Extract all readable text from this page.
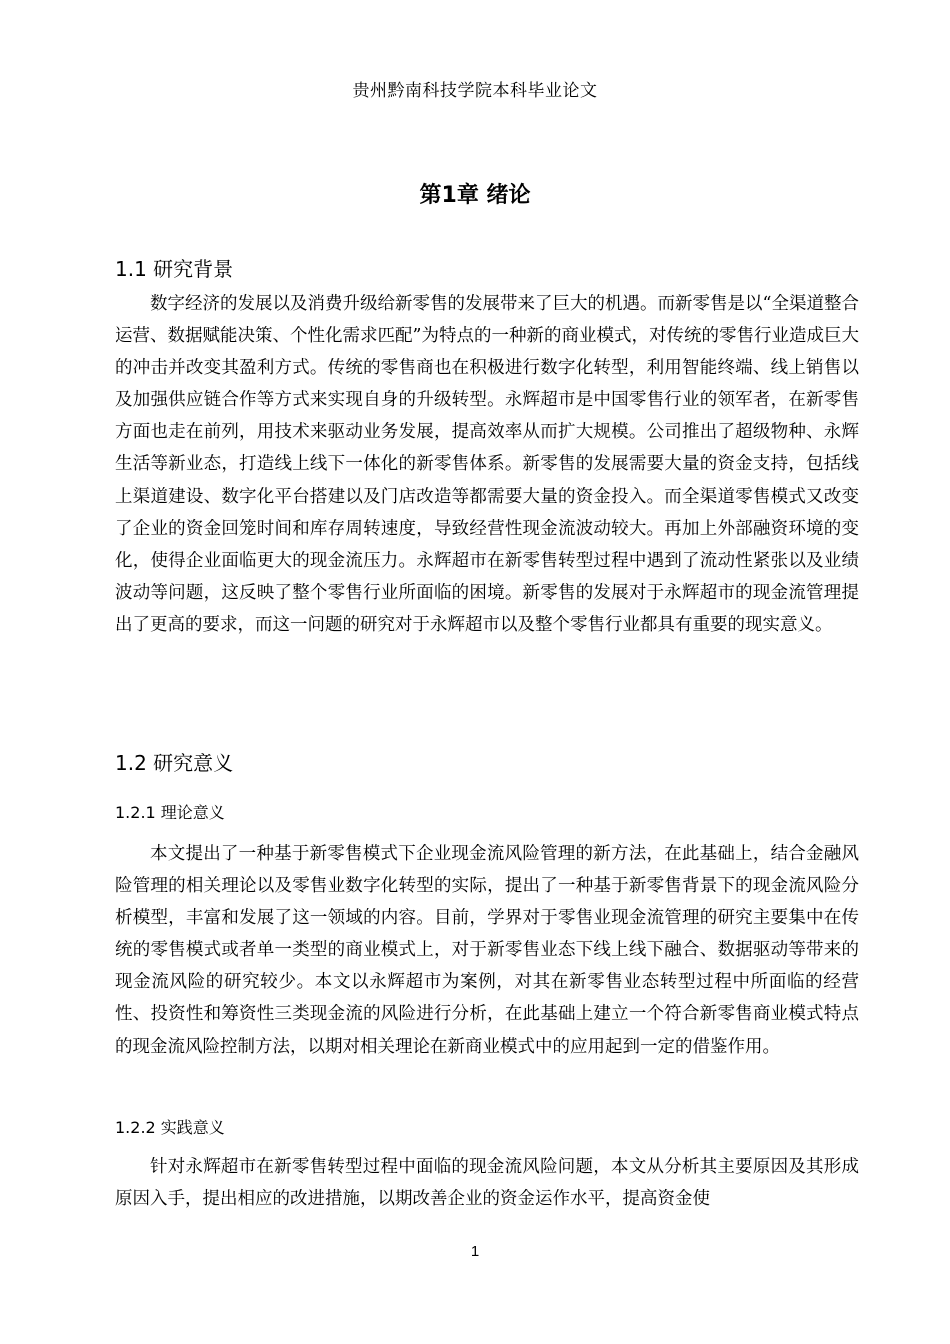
贵州黔南科技学院本科毕业论文
第1章 绪论
1.1 研究背景

数字经济的发展以及消费升级给新零售的发展带来了巨大的机遇。而新零售是以“全渠道整合运营、数据赋能决策、个性化需求匹配”为特点的一种新的商业模式，对传统的零售行业造成巨大的冲击并改变其盈利方式。传统的零售商也在积极进行数字化转型，利用智能终端、线上销售以及加强供应链合作等方式来实现自身的升级转型。永辉超市是中国零售行业的领军者，在新零售方面也走在前列，用技术来驱动业务发展，提高效率从而扩大规模。公司推出了超级物种、永辉生活等新业态，打造线上线下一体化的新零售体系。新零售的发展需要大量的资金支持，包括线上渠道建设、数字化平台搭建以及门店改造等都需要大量的资金投入。而全渠道零售模式又改变了企业的资金回笼时间和库存周转速度，导致经营性现金流波动较大。再加上外部融资环境的变化，使得企业面临更大的现金流压力。永辉超市在新零售转型过程中遇到了流动性紧张以及业绩波动等问题，这反映了整个零售行业所面临的困境。新零售的发展对于永辉超市的现金流管理提出了更高的要求，而这一问题的研究对于永辉超市以及整个零售行业都具有重要的现实意义。

1.2 研究意义
1.2.1 理论意义

本文提出了一种基于新零售模式下企业现金流风险管理的新方法，在此基础上，结合金融风险管理的相关理论以及零售业数字化转型的实际，提出了一种基于新零售背景下的现金流风险分析模型，丰富和发展了这一领域的内容。目前，学界对于零售业现金流管理的研究主要集中在传统的零售模式或者单一类型的商业模式上，对于新零售业态下线上线下融合、数据驱动等带来的现金流风险的研究较少。本文以永辉超市为案例，对其在新零售业态转型过程中所面临的经营性、投资性和筹资性三类现金流的风险进行分析，在此基础上建立一个符合新零售商业模式特点的现金流风险控制方法，以期对相关理论在新商业模式中的应用起到一定的借鉴作用。

1.2.2 实践意义

针对永辉超市在新零售转型过程中面临的现金流风险问题，本文从分析其主要原因及其形成原因入手，提出相应的改进措施，以期改善企业的资金运作水平，提高资金使

1
